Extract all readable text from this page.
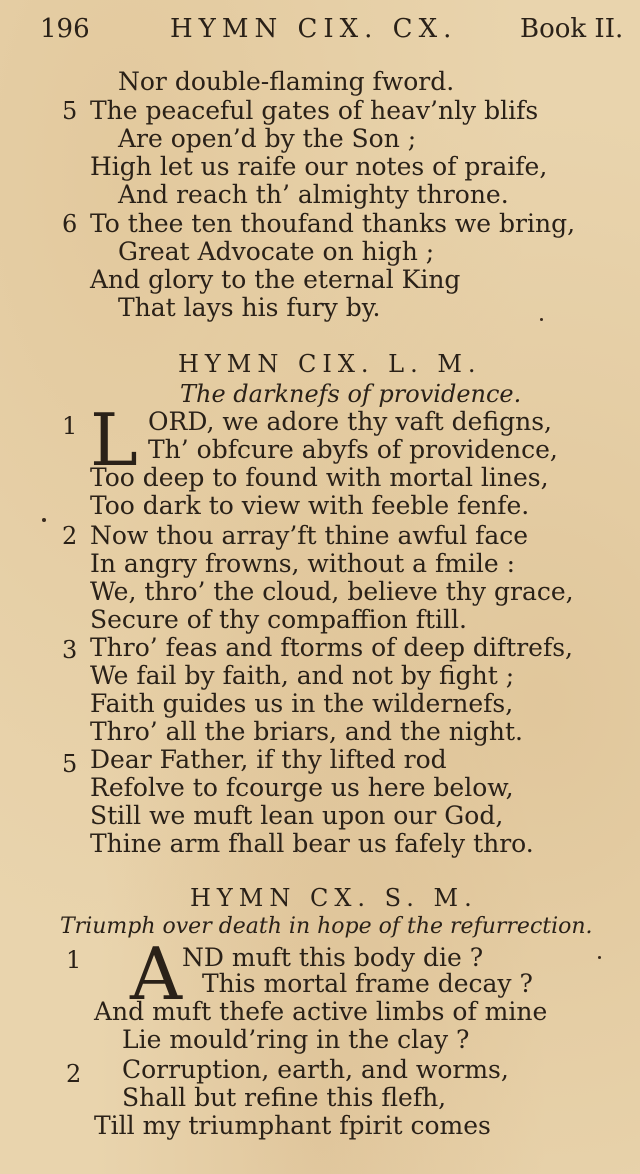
196	HYMN CIX. CX. Book II.
Nor double-flaming fword.
5 The peaceful gates of heav’nly blifs
Are open’d by the Son ;
High let us raife our notes of praife,
And reach th’ almighty throne.
6 To thee ten thoufand thanks we bring,
Great Advocate on high ;
And glory to the eternal King
That lays his fury by.
HYMN CIX. L. M.
The darknefs of providence.
1 L ORD, we adore thy vaft defigns,
Th’ obfcure abyfs of providence,
Too deep to found with mortal lines,
Too dark to view with feeble fenfe.
2 Now thou array’ft thine awful face
In angry frowns, without a fmile :
We, thro’ the cloud, believe thy grace,
Secure of thy compaffion ftill.
3 Thro’ feas and ftorms of deep diftrefs,
We fail by faith, and not by fight ;
Faith guides us in the wildernefs,
Thro’ all the briars, and the night.
5 Dear Father, if thy lifted rod
Refolve to fcourge us here below,
Still we muft lean upon our God,
Thine arm fhall bear us fafely thro.
HYMN CX. S. M.
Triumph over death in hope of the refurrection.
1 A ND muft this body die ?
This mortal frame decay ?
And muft thefe active limbs of mine
Lie mould’ring in the clay ?
2 Corruption, earth, and worms,
Shall but refine this flefh,
Till my triumphant fpirit comes
